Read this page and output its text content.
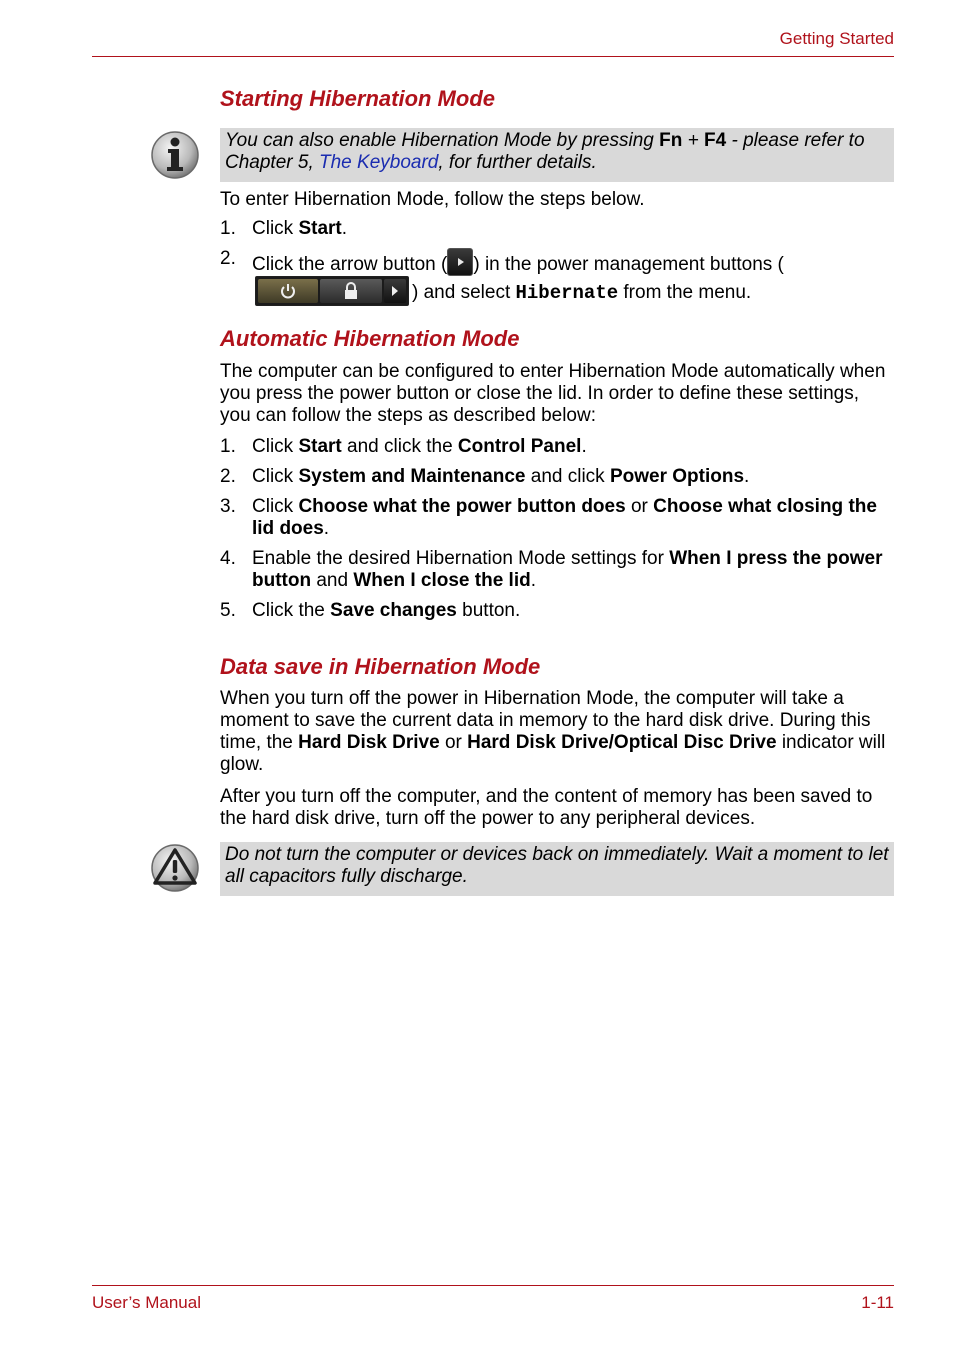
Getting Started
Starting Hibernation Mode
You can also enable Hibernation Mode by pressing Fn + F4 - please refer to Chapter 5, The Keyboard, for further details.

To enter Hibernation Mode, follow the steps below.

1. Click Start.
2. Click the arrow button ( ) in the power management buttons (
) and select Hibernate from the menu.
Automatic Hibernation Mode

The computer can be configured to enter Hibernation Mode automatically when you press the power button or close the lid. In order to define these settings, you can follow the steps as described below:

1. Click Start and click the Control Panel.
2. Click System and Maintenance and click Power Options.
3. Click Choose what the power button does or Choose what closing the lid does.
4. Enable the desired Hibernation Mode settings for When I press the power button and When I close the lid.
5. Click the Save changes button.
Data save in Hibernation Mode

When you turn off the power in Hibernation Mode, the computer will take a moment to save the current data in memory to the hard disk drive. During this time, the Hard Disk Drive or Hard Disk Drive/Optical Disc Drive indicator will glow.

After you turn off the computer, and the content of memory has been saved to the hard disk drive, turn off the power to any peripheral devices.

Do not turn the computer or devices back on immediately. Wait a moment to let all capacitors fully discharge.
User’s Manual	1-11
